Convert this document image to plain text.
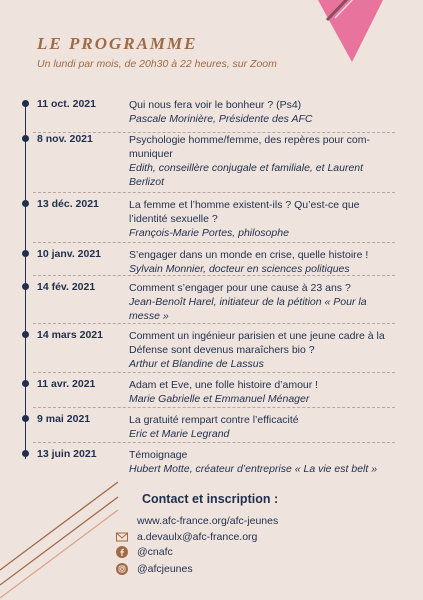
LE PROGRAMME
Un lundi par mois, de 20h30 à 22 heures, sur Zoom
11 oct. 2021	Qui nous fera voir le bonheur ? (Ps4)
Pascale Morinière, Présidente des AFC
8 nov. 2021	Psychologie homme/femme, des repères pour com-muniquer
Edith, conseillère conjugale et familiale, et Laurent Berlizot
13 déc. 2021	La femme et l’homme existent-ils ? Qu’est-ce que l’identité sexuelle ?
François-Marie Portes, philosophe
10 janv. 2021	S’engager dans un monde en crise, quelle histoire !
Sylvain Monnier, docteur en sciences politiques
14 fév. 2021	Comment s’engager pour une cause à 23 ans ?
Jean-Benoît Harel, initiateur de la pétition « Pour la messe »
14 mars 2021 Comment un ingénieur parisien et une jeune cadre à la Défense sont devenus maraîchers bio ?
Arthur et Blandine de Lassus
11 avr. 2021	Adam et Eve, une folle histoire d’amour !
Marie Gabrielle et Emmanuel Ménager
9 mai 2021	La gratuité rempart contre l’efficacité
Eric et Marie Legrand
13 juin 2021	Témoignage
Hubert Motte, créateur d’entreprise « La vie est belt »
Contact et inscription :
www.afc-france.org/afc-jeunes
a.devaulx@afc-france.org
@cnafc
@afcjeunes
